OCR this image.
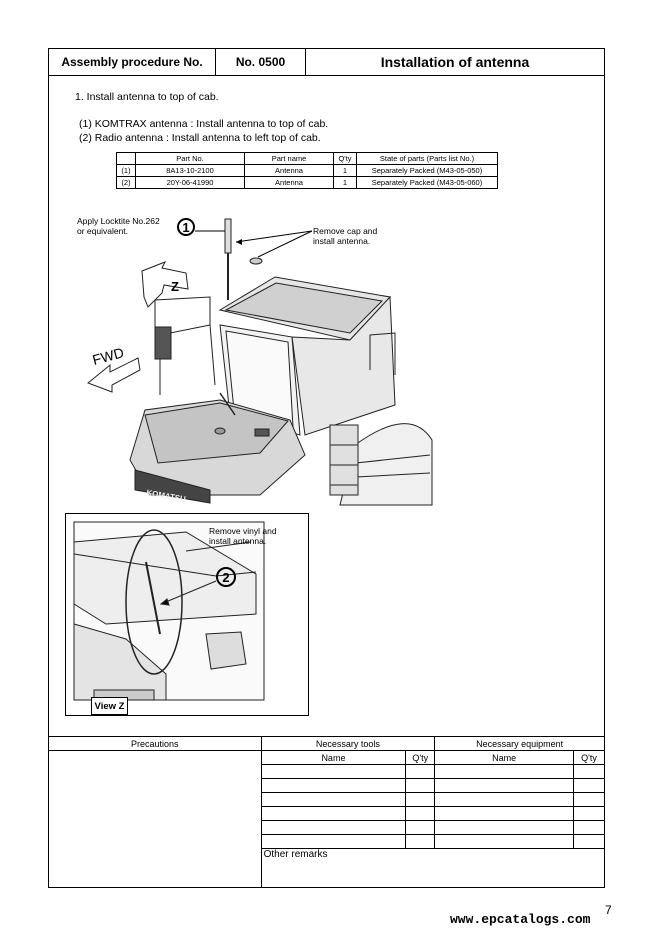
Assembly procedure No.	No. 0500	Installation of antenna
1. Install antenna to top of cab.
(1) KOMTRAX antenna : Install antenna to top of cab.
(2) Radio antenna : Install antenna to left top of cab.
	Part No.	Part name	Q'ty	State of parts (Parts list No.)
(1)	8A13-10-2100	Antenna	1	Separately Packed (M43-05-050)
(2)	20Y-06-41990	Antenna	1	Separately Packed (M43-05-060)
Z
FWD
KOMATSU
Apply Locktite No.262
or equivalent.	1	Remove cap and
install antenna.
Remove vinyl and
install antenna.
2
View Z
Precautions	Necessary tools		Necessary equipment	
	Name	Q'ty	Name	Q'ty

	Other remarks			
7
www.epcatalogs.com
